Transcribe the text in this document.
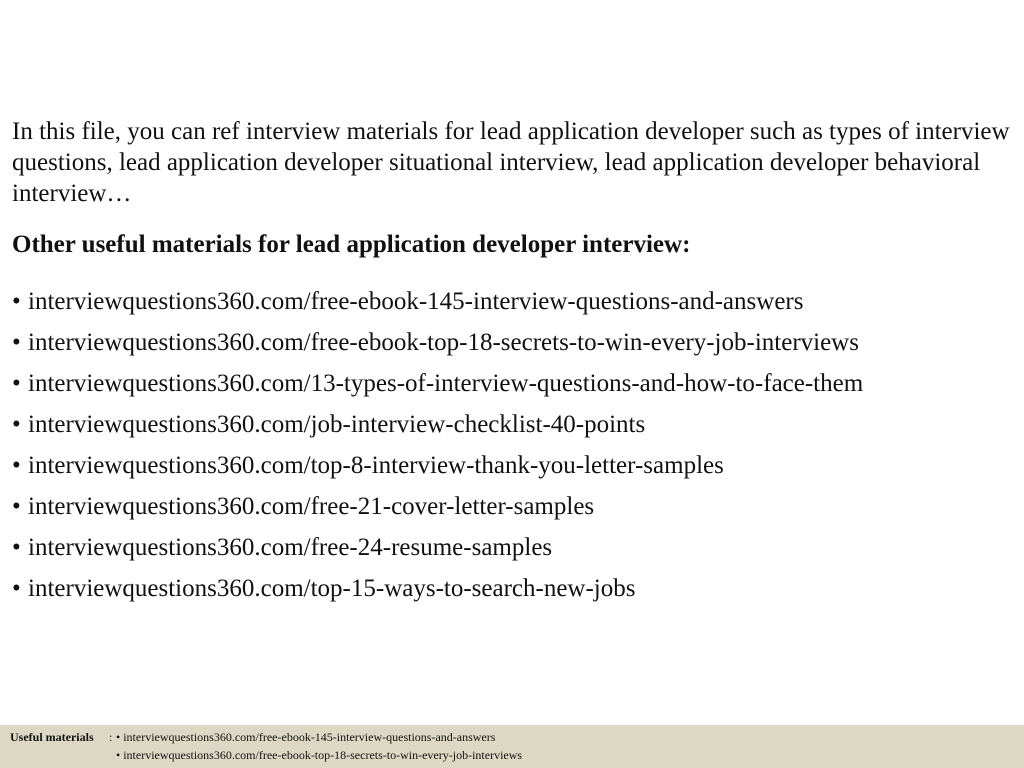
In this file, you can ref interview materials for lead application developer such as types of interview questions, lead application developer situational interview, lead application developer behavioral interview…

Other useful materials for lead application developer interview:
• interviewquestions360.com/free-ebook-145-interview-questions-and-answers
• interviewquestions360.com/free-ebook-top-18-secrets-to-win-every-job-interviews
• interviewquestions360.com/13-types-of-interview-questions-and-how-to-face-them
• interviewquestions360.com/job-interview-checklist-40-points
• interviewquestions360.com/top-8-interview-thank-you-letter-samples
• interviewquestions360.com/free-21-cover-letter-samples
• interviewquestions360.com/free-24-resume-samples
• interviewquestions360.com/top-15-ways-to-search-new-jobs
Useful materials : • interviewquestions360.com/free-ebook-145-interview-questions-and-answers
• interviewquestions360.com/free-ebook-top-18-secrets-to-win-every-job-interviews
